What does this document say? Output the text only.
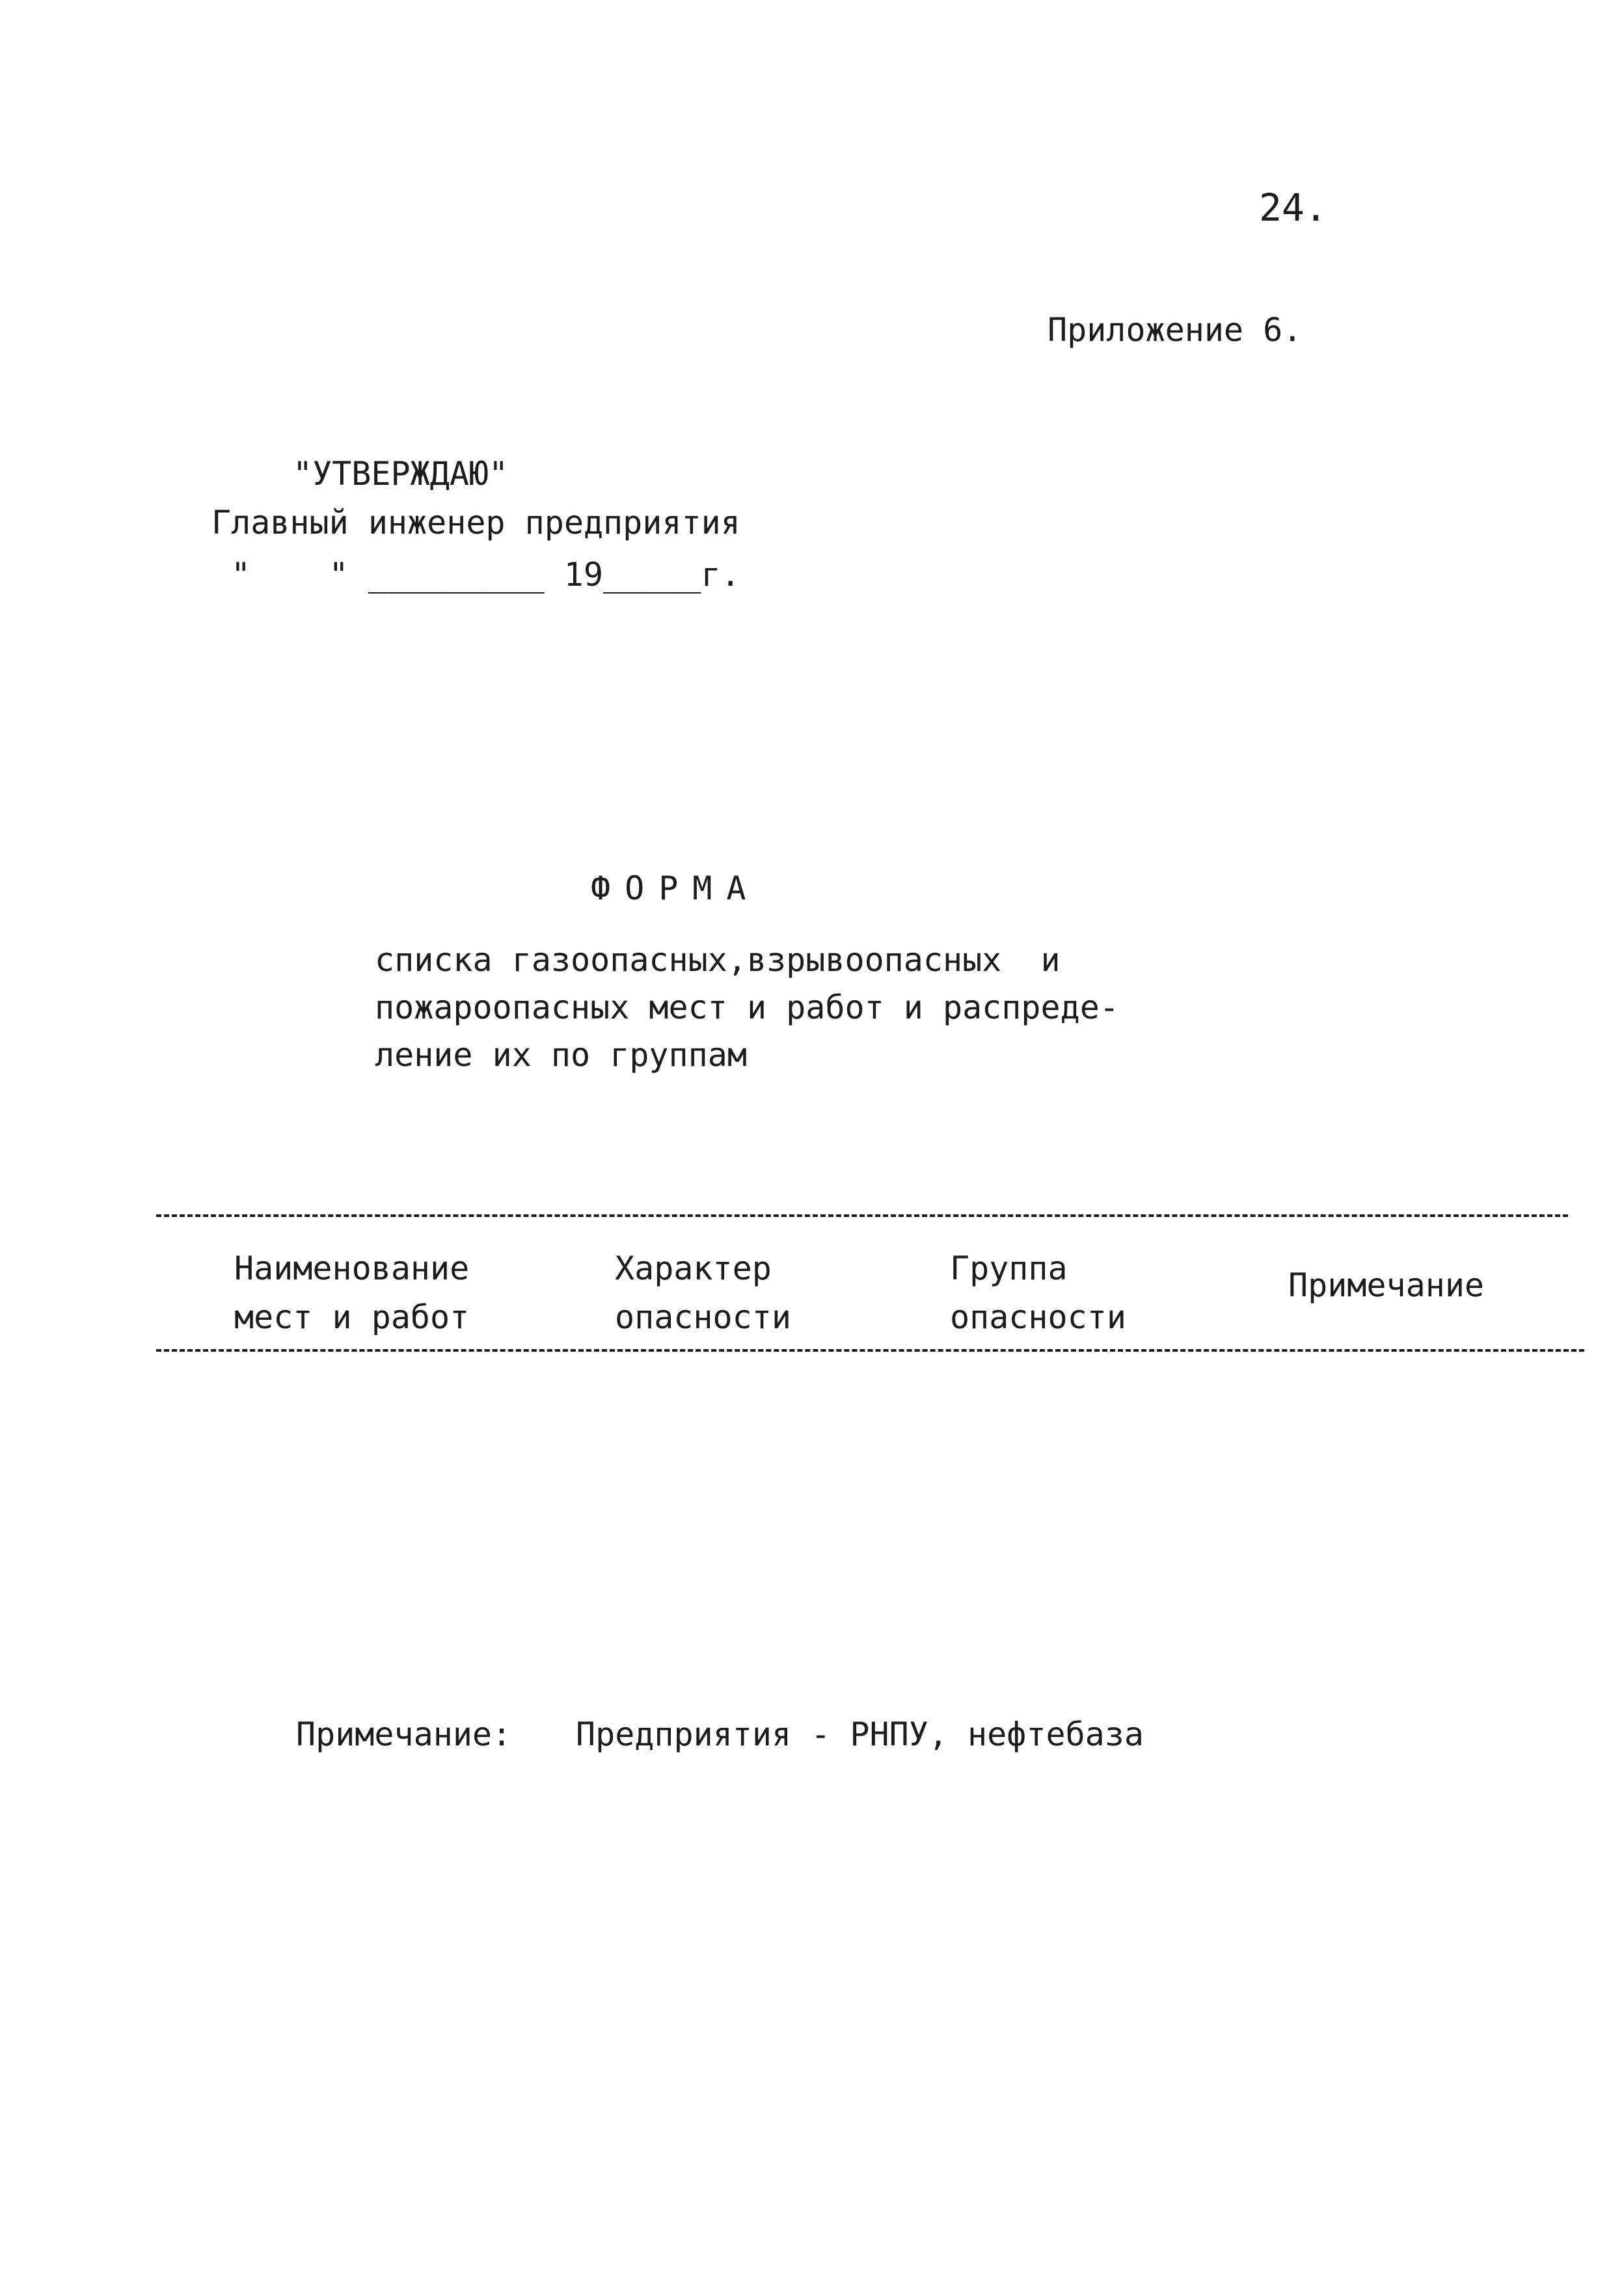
24.
Приложение 6.
"УТВЕРЖДАЮ"
Главный инженер предприятия
"    " _________ 19_____г.
ФОРМА
списка газоопасных,взрывоопасных  и
пожароопасных мест и работ и распреде-
ление их по группам
Наименование
мест и работ
Характер
опасности
Группа
опасности
Примечание
Примечание: Предприятия - РНПУ, нефтебаза
